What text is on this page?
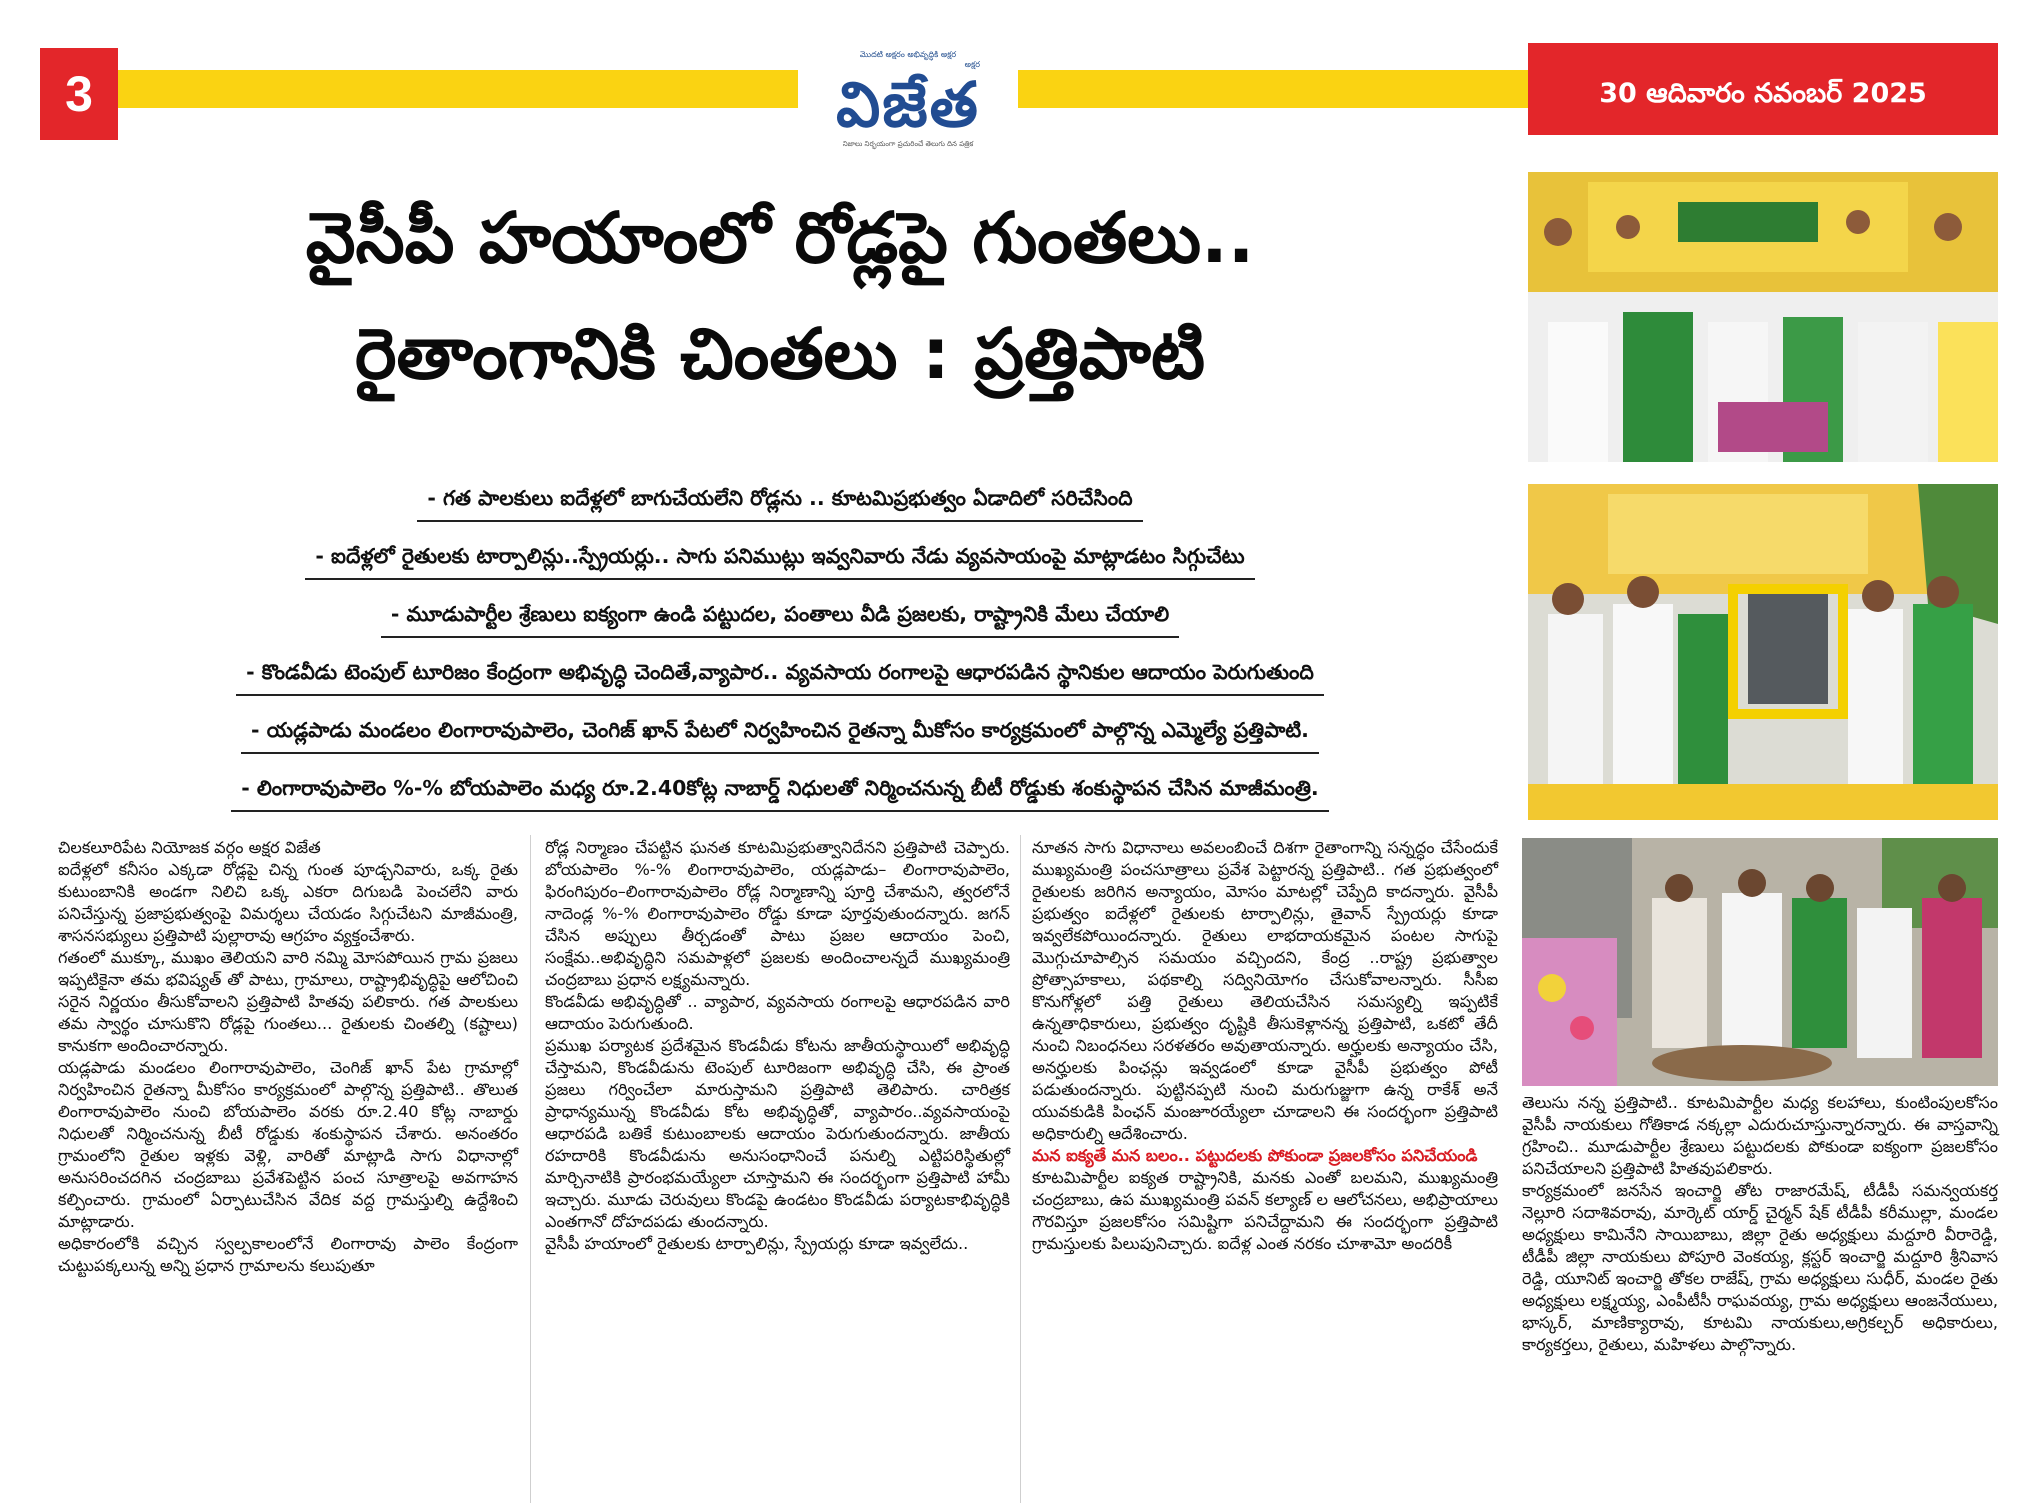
3
మొదటి అక్షరం అభివృద్ధికి అక్షర
అక్షర
విజేత
నిజాలు నిర్భయంగా ప్రచురించే తెలుగు దిన పత్రిక
30 ఆదివారం నవంబర్ 2025
వైసీపీ హయాంలో రోడ్లపై గుంతలు..
రైతాంగానికి చింతలు : ప్రత్తిపాటి
- గత పాలకులు ఐదేళ్లలో బాగుచేయలేని రోడ్లను .. కూటమిప్రభుత్వం ఏడాదిలో సరిచేసింది
- ఐదేళ్లలో రైతులకు టార్పాలిన్లు..స్ప్రేయర్లు.. సాగు పనిముట్లు ఇవ్వనివారు నేడు వ్యవసాయంపై మాట్లాడటం సిగ్గుచేటు
- మూడుపార్టీల శ్రేణులు ఐక్యంగా ఉండి పట్టుదల, పంతాలు వీడి ప్రజలకు, రాష్ట్రానికి మేలు చేయాలి
- కొండవీడు టెంపుల్ టూరిజం కేంద్రంగా అభివృద్ధి చెందితే,వ్యాపార.. వ్యవసాయ రంగాలపై ఆధారపడిన స్థానికుల ఆదాయం పెరుగుతుంది
- యడ్లపాడు మండలం లింగారావుపాలెం, చెంగిజ్ ఖాన్ పేటలో నిర్వహించిన రైతన్నా మీకోసం కార్యక్రమంలో పాల్గొన్న ఎమ్మెల్యే ప్రత్తిపాటి.
- లింగారావుపాలెం %-% బోయపాలెం మధ్య రూ.2.40కోట్ల నాబార్డ్ నిధులతో నిర్మించనున్న బీటీ రోడ్డుకు శంకుస్థాపన చేసిన మాజీమంత్రి.

చిలకలూరిపేట నియోజక వర్గం అక్షర విజేత

ఐదేళ్లలో కనీసం ఎక్కడా రోడ్లపై చిన్న గుంత పూడ్చనివారు, ఒక్క రైతు కుటుంబానికి అండగా నిలిచి ఒక్క ఎకరా దిగుబడి పెంచలేని వారు పనిచేస్తున్న ప్రజాప్రభుత్వంపై విమర్శలు చేయడం సిగ్గుచేటని మాజీమంత్రి, శాసనసభ్యులు ప్రత్తిపాటి పుల్లారావు ఆగ్రహం వ్యక్తంచేశారు.

గతంలో ముక్కూ, ముఖం తెలియని వారి నమ్మి మోసపోయిన గ్రామ ప్రజలు ఇప్పటికైనా తమ భవిష్యత్ తో పాటు, గ్రామాలు, రాష్ట్రాభివృద్ధిపై ఆలోచించి సరైన నిర్ణయం తీసుకోవాలని ప్రత్తిపాటి హితవు పలికారు. గత పాలకులు తమ స్వార్థం చూసుకొని రోడ్లపై గుంతలు... రైతులకు చింతల్ని (కష్టాలు) కానుకగా అందించారన్నారు.

యడ్లపాడు మండలం లింగారావుపాలెం, చెంగిజ్ ఖాన్ పేట గ్రామాల్లో నిర్వహించిన రైతన్నా మీకోసం కార్యక్రమంలో పాల్గొన్న ప్రత్తిపాటి.. తొలుత లింగారావుపాలెం నుంచి బోయపాలెం వరకు రూ.2.40 కోట్ల నాబార్డు నిధులతో నిర్మించనున్న బీటీ రోడ్డుకు శంకుస్థాపన చేశారు. అనంతరం గ్రామంలోని రైతుల ఇళ్లకు వెళ్లి, వారితో మాట్లాడి సాగు విధానాల్లో అనుసరించదగిన చంద్రబాబు ప్రవేశపెట్టిన పంచ సూత్రాలపై అవగాహన కల్పించారు. గ్రామంలో ఏర్పాటుచేసిన వేదిక వద్ద గ్రామస్తుల్ని ఉద్దేశించి మాట్లాడారు.

అధికారంలోకి వచ్చిన స్వల్పకాలంలోనే లింగారావు పాలెం కేంద్రంగా చుట్టుపక్కలున్న అన్ని ప్రధాన గ్రామాలను కలుపుతూ

రోడ్ల నిర్మాణం చేపట్టిన ఘనత కూటమిప్రభుత్వానిదేనని ప్రత్తిపాటి చెప్పారు. బోయపాలెం %-% లింగారావుపాలెం, యడ్లపాడు– లింగారావుపాలెం, ఫిరంగిపురం–లింగారావుపాలెం రోడ్ల నిర్మాణాన్ని పూర్తి చేశామని, త్వరలోనే నాదెండ్ల %-% లింగారావుపాలెం రోడ్డు కూడా పూర్తవుతుందన్నారు. జగన్ చేసిన అప్పులు తీర్చడంతో పాటు ప్రజల ఆదాయం పెంచి, సంక్షేమ..అభివృద్ధిని సమపాళ్లలో ప్రజలకు అందించాలన్నదే ముఖ్యమంత్రి చంద్రబాబు ప్రధాన లక్ష్యమన్నారు.

కొండవీడు అభివృద్ధితో .. వ్యాపార, వ్యవసాయ రంగాలపై ఆధారపడిన వారి ఆదాయం పెరుగుతుంది.

ప్రముఖ పర్యాటక ప్రదేశమైన కొండవీడు కోటను జాతీయస్థాయిలో అభివృద్ధి చేస్తామని, కొండవీడును టెంపుల్ టూరిజంగా అభివృద్ధి చేసి, ఈ ప్రాంత ప్రజలు గర్వించేలా మారుస్తామని ప్రత్తిపాటి తెలిపారు. చారిత్రక ప్రాధాన్యమున్న కొండవీడు కోట అభివృద్ధితో, వ్యాపారం..వ్యవసాయంపై ఆధారపడి బతికే కుటుంబాలకు ఆదాయం పెరుగుతుందన్నారు. జాతీయ రహదారికి కొండవీడును అనుసంధానించే పనుల్ని ఎట్టిపరిస్థితుల్లో మార్చినాటికి ప్రారంభమయ్యేలా చూస్తామని ఈ సందర్భంగా ప్రత్తిపాటి హామీ ఇచ్చారు. మూడు చెరువులు కొండపై ఉండటం కొండవీడు పర్యాటకాభివృద్ధికి ఎంతగానో దోహదపడు తుందన్నారు.

వైసీపీ హయాంలో రైతులకు టార్పాలిన్లు, స్ప్రేయర్లు కూడా ఇవ్వలేదు..

నూతన సాగు విధానాలు అవలంబించే దిశగా రైతాంగాన్ని సన్నద్ధం చేసేందుకే ముఖ్యమంత్రి పంచసూత్రాలు ప్రవేశ పెట్టారన్న ప్రత్తిపాటి.. గత ప్రభుత్వంలో రైతులకు జరిగిన అన్యాయం, మోసం మాటల్లో చెప్పేది కాదన్నారు. వైసీపీ ప్రభుత్వం ఐదేళ్లలో రైతులకు టార్పాలిన్లు, తైవాన్ స్ప్రేయర్లు కూడా ఇవ్వలేకపోయిందన్నారు. రైతులు లాభదాయకమైన పంటల సాగుపై మొగ్గుచూపాల్సిన సమయం వచ్చిందని, కేంద్ర ..రాష్ట్ర ప్రభుత్వాల ప్రోత్సాహకాలు, పథకాల్ని సద్వినియోగం చేసుకోవాలన్నారు. సీసీఐ కొనుగోళ్లలో పత్తి రైతులు తెలియచేసిన సమస్యల్ని ఇప్పటికే ఉన్నతాధికారులు, ప్రభుత్వం దృష్టికి తీసుకెళ్లానన్న ప్రత్తిపాటి, ఒకటో తేదీ నుంచి నిబంధనలు సరళతరం అవుతాయన్నారు. అర్హులకు అన్యాయం చేసి, అనర్హులకు పింఛన్లు ఇవ్వడంలో కూడా వైసీపీ ప్రభుత్వం పోటీ పడుతుందన్నారు. పుట్టినప్పటి నుంచి మరుగుజ్జుగా ఉన్న రాకేశ్ అనే యువకుడికి పింఛన్ మంజూరయ్యేలా చూడాలని ఈ సందర్భంగా ప్రత్తిపాటి అధికారుల్ని ఆదేశించారు.

మన ఐక్యతే మన బలం.. పట్టుదలకు పోకుండా ప్రజలకోసం పనిచేయండి

కూటమిపార్టీల ఐక్యత రాష్ట్రానికి, మనకు ఎంతో బలమని, ముఖ్యమంత్రి చంద్రబాబు, ఉప ముఖ్యమంత్రి పవన్ కల్యాణ్ ల ఆలోచనలు, అభిప్రాయాలు గౌరవిస్తూ ప్రజలకోసం సమిష్టిగా పనిచేద్దామని ఈ సందర్భంగా ప్రత్తిపాటి గ్రామస్తులకు పిలుపునిచ్చారు. ఐదేళ్ల ఎంత నరకం చూశామో అందరికీ

తెలుసు నన్న ప్రత్తిపాటి.. కూటమిపార్టీల మధ్య కలహాలు, కుంటింపులకోసం వైసీపీ నాయకులు గోతికాడ నక్కల్లా ఎదురుచూస్తున్నారన్నారు. ఈ వాస్తవాన్ని గ్రహించి.. మూడుపార్టీల శ్రేణులు పట్టుదలకు పోకుండా ఐక్యంగా ప్రజలకోసం పనిచేయాలని ప్రత్తిపాటి హితవుపలికారు.

కార్యక్రమంలో జనసేన ఇంచార్జి తోట రాజారమేష్, టీడీపీ సమన్వయకర్త నెల్లూరి సదాశివరావు, మార్కెట్ యార్డ్ చైర్మన్ షేక్ టీడీపీ కరీముల్లా, మండల అధ్యక్షులు కామినేని సాయిబాబు, జిల్లా రైతు అధ్యక్షులు మద్దూరి వీరారెడ్డి, టీడీపీ జిల్లా నాయకులు పోపూరి వెంకయ్య, క్లస్టర్ ఇంచార్జి మద్దూరి శ్రీనివాస రెడ్డి, యూనిట్ ఇంచార్జి తోకల రాజేష్, గ్రామ అధ్యక్షులు సుధీర్, మండల రైతు అధ్యక్షులు లక్ష్మయ్య, ఎంపీటీసీ రాఘవయ్య, గ్రామ అధ్యక్షులు ఆంజనేయులు, భాస్కర్, మాణిక్యారావు, కూటమి నాయకులు,అగ్రికల్చర్ అధికారులు, కార్యకర్తలు, రైతులు, మహిళలు పాల్గొన్నారు.
